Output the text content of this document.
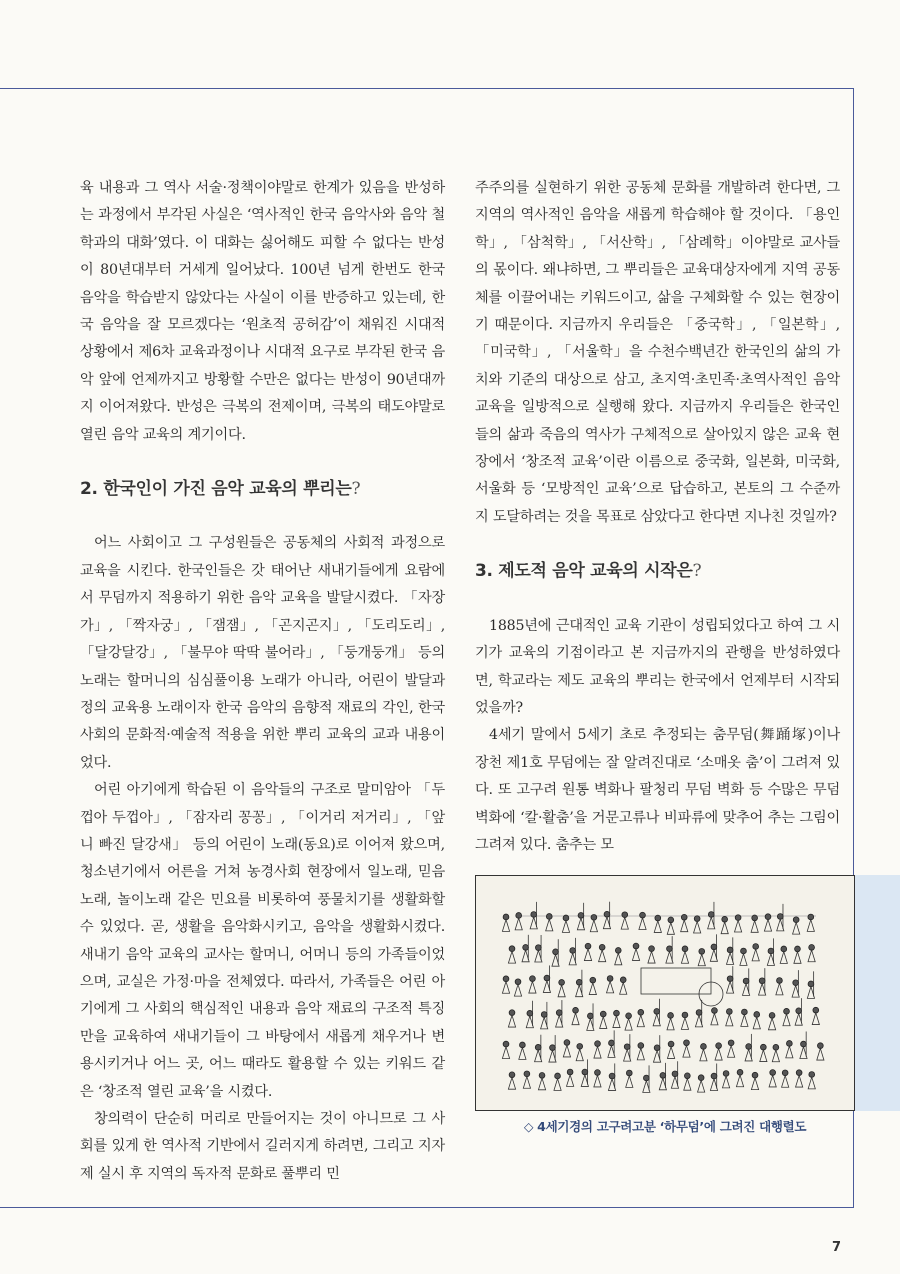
육 내용과 그 역사 서술·정책이야말로 한계가 있음을 반성하는 과정에서 부각된 사실은 ‘역사적인 한국 음악사와 음악 철학과의 대화’였다. 이 대화는 싫어해도 피할 수 없다는 반성이 80년대부터 거세게 일어났다. 100년 넘게 한번도 한국 음악을 학습받지 않았다는 사실이 이를 반증하고 있는데, 한국 음악을 잘 모르겠다는 ‘원초적 공허감’이 채워진 시대적 상황에서 제6차 교육과정이나 시대적 요구로 부각된 한국 음악 앞에 언제까지고 방황할 수만은 없다는 반성이 90년대까지 이어져왔다. 반성은 극복의 전제이며, 극복의 태도야말로 열린 음악 교육의 계기이다.

2. 한국인이 가진 음악 교육의 뿌리는?

어느 사회이고 그 구성원들은 공동체의 사회적 과정으로 교육을 시킨다. 한국인들은 갓 태어난 새내기들에게 요람에서 무덤까지 적용하기 위한 음악 교육을 발달시켰다. 「자장가」, 「짝자궁」, 「잼잼」, 「곤지곤지」, 「도리도리」, 「달강달강」, 「불무야 딱딱 불어라」, 「둥개둥개」 등의 노래는 할머니의 심심풀이용 노래가 아니라, 어린이 발달과정의 교육용 노래이자 한국 음악의 음향적 재료의 각인, 한국 사회의 문화적·예술적 적용을 위한 뿌리 교육의 교과 내용이었다.

어린 아기에게 학습된 이 음악들의 구조로 말미암아 「두껍아 두껍아」, 「잠자리 꽁꽁」, 「이거리 저거리」, 「앞니 빠진 달강새」 등의 어린이 노래(동요)로 이어져 왔으며, 청소년기에서 어른을 거쳐 농경사회 현장에서 일노래, 믿음노래, 놀이노래 같은 민요를 비롯하여 풍물치기를 생활화할 수 있었다. 곧, 생활을 음악화시키고, 음악을 생활화시켰다. 새내기 음악 교육의 교사는 할머니, 어머니 등의 가족들이었으며, 교실은 가정·마을 전체였다. 따라서, 가족들은 어린 아기에게 그 사회의 핵심적인 내용과 음악 재료의 구조적 특징만을 교육하여 새내기들이 그 바탕에서 새롭게 채우거나 변용시키거나 어느 곳, 어느 때라도 활용할 수 있는 키워드 같은 ‘창조적 열린 교육’을 시켰다.

창의력이 단순히 머리로 만들어지는 것이 아니므로 그 사회를 있게 한 역사적 기반에서 길러지게 하려면, 그리고 지자제 실시 후 지역의 독자적 문화로 풀뿌리 민

주주의를 실현하기 위한 공동체 문화를 개발하려 한다면, 그 지역의 역사적인 음악을 새롭게 학습해야 할 것이다. 「용인학」, 「삼척학」, 「서산학」, 「삼례학」이야말로 교사들의 몫이다. 왜냐하면, 그 뿌리들은 교육대상자에게 지역 공동체를 이끌어내는 키워드이고, 삶을 구체화할 수 있는 현장이기 때문이다. 지금까지 우리들은 「중국학」, 「일본학」, 「미국학」, 「서울학」을 수천수백년간 한국인의 삶의 가치와 기준의 대상으로 삼고, 초지역·초민족·초역사적인 음악 교육을 일방적으로 실행해 왔다. 지금까지 우리들은 한국인들의 삶과 죽음의 역사가 구체적으로 살아있지 않은 교육 현장에서 ‘창조적 교육’이란 이름으로 중국화, 일본화, 미국화, 서울화 등 ‘모방적인 교육’으로 답습하고, 본토의 그 수준까지 도달하려는 것을 목표로 삼았다고 한다면 지나친 것일까?

3. 제도적 음악 교육의 시작은?

1885년에 근대적인 교육 기관이 성립되었다고 하여 그 시기가 교육의 기점이라고 본 지금까지의 관행을 반성하였다면, 학교라는 제도 교육의 뿌리는 한국에서 언제부터 시작되었을까?

4세기 말에서 5세기 초로 추정되는 춤무덤(舞踊塚)이나 장천 제1호 무덤에는 잘 알려진대로 ‘소매옷 춤’이 그려져 있다. 또 고구려 원통 벽화나 팔청리 무덤 벽화 등 수많은 무덤 벽화에 ‘칼·활춤’을 거문고류나 비파류에 맞추어 추는 그림이 그려져 있다. 춤추는 모

◇ 4세기경의 고구려고분 ‘하무덤’에 그려진 대행렬도
7
